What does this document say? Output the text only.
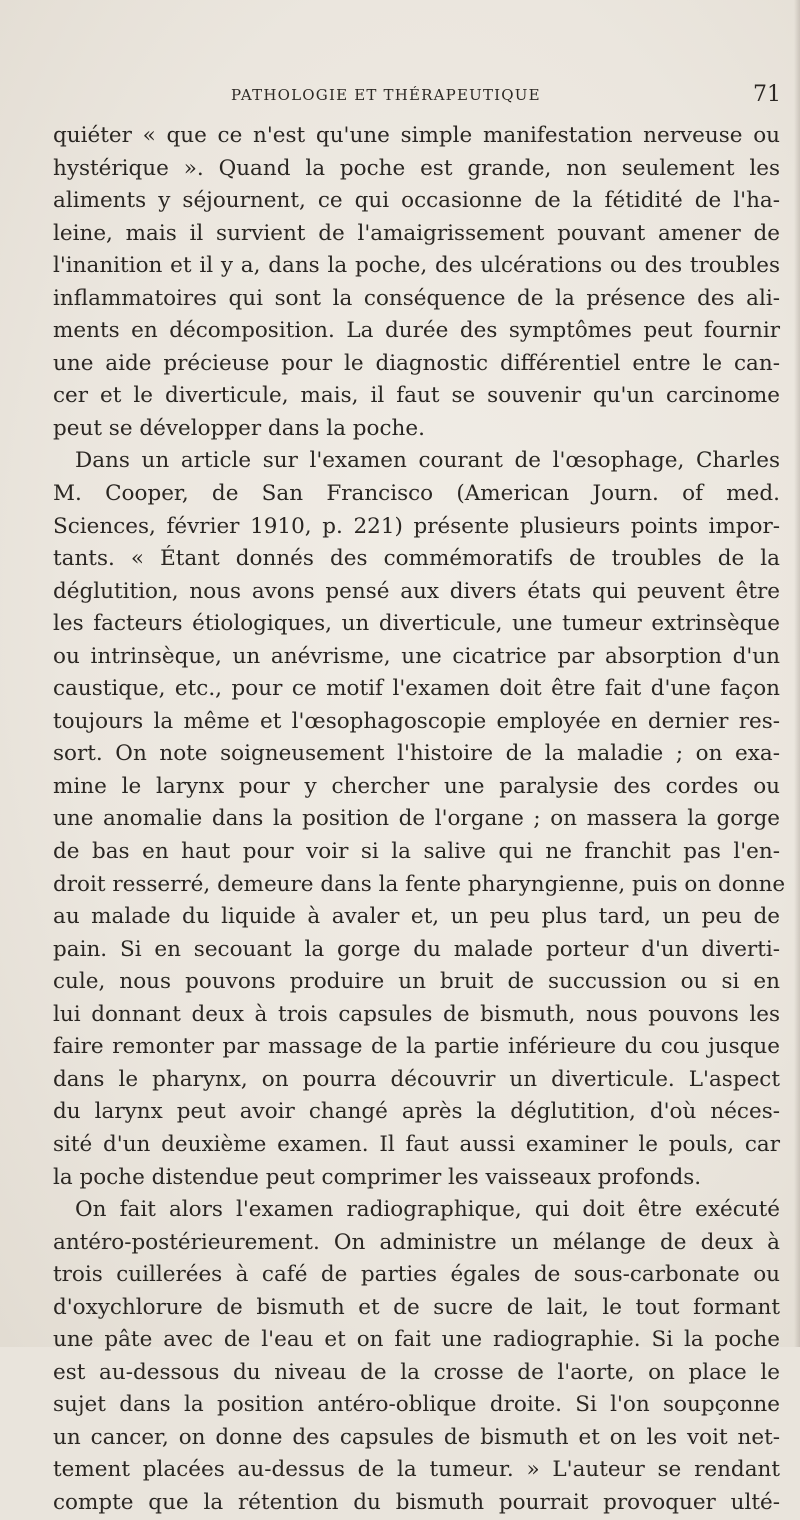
PATHOLOGIE ET THÉRAPEUTIQUE	71
quiéter « que ce n'est qu'une simple manifestation nerveuse ou
hystérique ». Quand la poche est grande, non seulement les
aliments y séjournent, ce qui occasionne de la fétidité de l'ha-
leine, mais il survient de l'amaigrissement pouvant amener de
l'inanition et il y a, dans la poche, des ulcérations ou des troubles
inflammatoires qui sont la conséquence de la présence des ali-
ments en décomposition. La durée des symptômes peut fournir
une aide précieuse pour le diagnostic différentiel entre le can-
cer et le diverticule, mais, il faut se souvenir qu'un carcinome
peut se développer dans la poche.
Dans un article sur l'examen courant de l'œsophage, Charles
M. Cooper, de San Francisco (American Journ. of med.
Sciences, février 1910, p. 221) présente plusieurs points impor-
tants. « Étant donnés des commémoratifs de troubles de la
déglutition, nous avons pensé aux divers états qui peuvent être
les facteurs étiologiques, un diverticule, une tumeur extrinsèque
ou intrinsèque, un anévrisme, une cicatrice par absorption d'un
caustique, etc., pour ce motif l'examen doit être fait d'une façon
toujours la même et l'œsophagoscopie employée en dernier res-
sort. On note soigneusement l'histoire de la maladie ; on exa-
mine le larynx pour y chercher une paralysie des cordes ou
une anomalie dans la position de l'organe ; on massera la gorge
de bas en haut pour voir si la salive qui ne franchit pas l'en-
droit resserré, demeure dans la fente pharyngienne, puis on donne
au malade du liquide à avaler et, un peu plus tard, un peu de
pain. Si en secouant la gorge du malade porteur d'un diverti-
cule, nous pouvons produire un bruit de succussion ou si en
lui donnant deux à trois capsules de bismuth, nous pouvons les
faire remonter par massage de la partie inférieure du cou jusque
dans le pharynx, on pourra découvrir un diverticule. L'aspect
du larynx peut avoir changé après la déglutition, d'où néces-
sité d'un deuxième examen. Il faut aussi examiner le pouls, car
la poche distendue peut comprimer les vaisseaux profonds.
On fait alors l'examen radiographique, qui doit être exécuté
antéro-postérieurement. On administre un mélange de deux à
trois cuillerées à café de parties égales de sous-carbonate ou
d'oxychlorure de bismuth et de sucre de lait, le tout formant
une pâte avec de l'eau et on fait une radiographie. Si la poche
est au-dessous du niveau de la crosse de l'aorte, on place le
sujet dans la position antéro-oblique droite. Si l'on soupçonne
un cancer, on donne des capsules de bismuth et on les voit net-
tement placées au-dessus de la tumeur. » L'auteur se rendant
compte que la rétention du bismuth pourrait provoquer ulté-
